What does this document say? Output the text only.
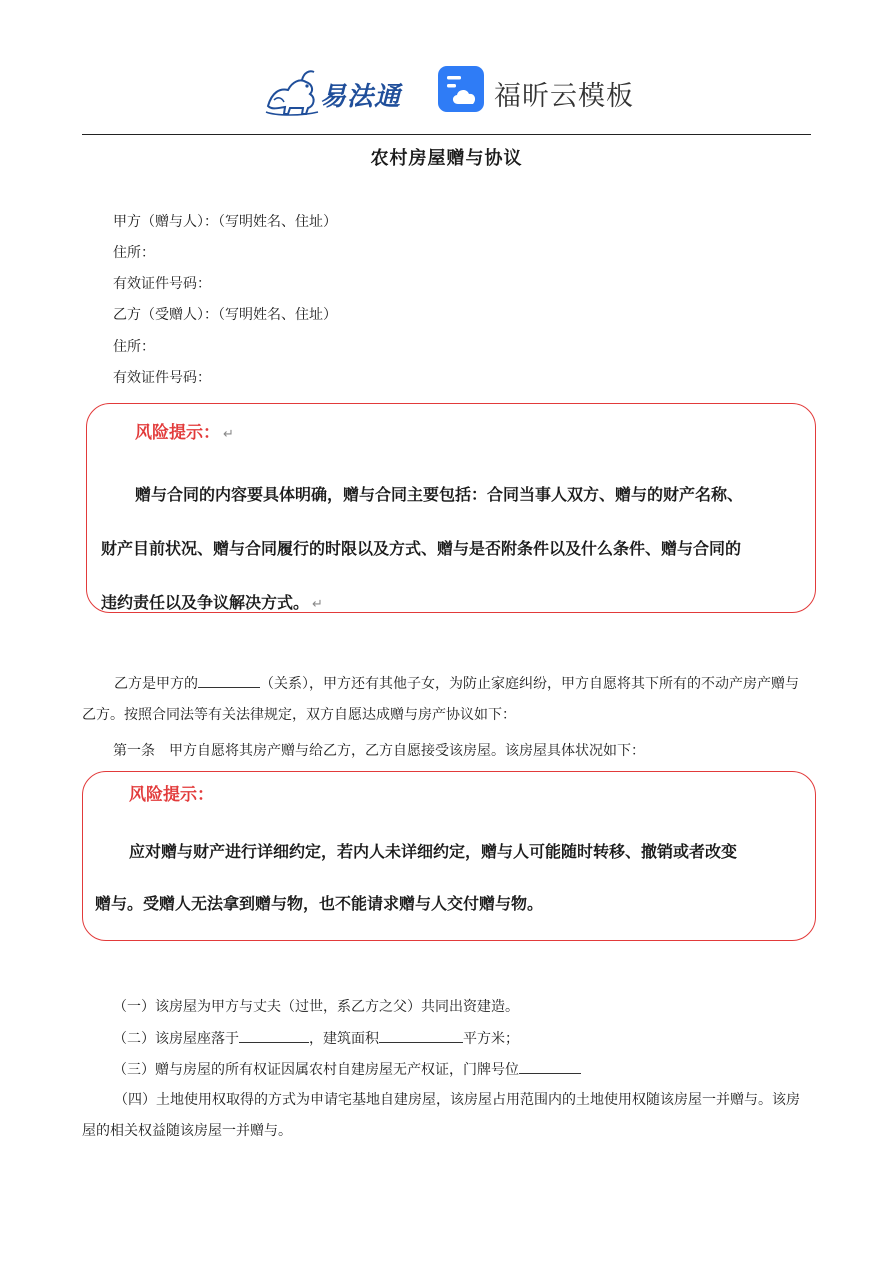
易法通	福昕云模板
农村房屋赠与协议
甲方（赠与人）：（写明姓名、住址）
住所：
有效证件号码：
乙方（受赠人）：（写明姓名、住址）
住所：
有效证件号码：
风险提示： ↵
赠与合同的内容要具体明确，赠与合同主要包括：合同当事人双方、赠与的财产名称、
财产目前状况、赠与合同履行的时限以及方式、赠与是否附条件以及什么条件、赠与合同的
违约责任以及争议解决方式。 ↵
乙方是甲方的	（关系），甲方还有其他子女，为防止家庭纠纷，甲方自愿将其下所有的不动产房产赠与乙方。按照合同法等有关法律规定，双方自愿达成赠与房产协议如下：
第一条　甲方自愿将其房产赠与给乙方，乙方自愿接受该房屋。该房屋具体状况如下：
风险提示：
应对赠与财产进行详细约定，若内人未详细约定，赠与人可能随时转移、撤销或者改变
赠与。受赠人无法拿到赠与物，也不能请求赠与人交付赠与物。
（一）该房屋为甲方与丈夫（过世，系乙方之父）共同出资建造。
（二）该房屋座落于	，建筑面积	平方米；
（三）赠与房屋的所有权证因属农村自建房屋无产权证，门牌号位
（四）土地使用权取得的方式为申请宅基地自建房屋，该房屋占用范围内的土地使用权随该房屋一并赠与。该房屋的相关权益随该房屋一并赠与。
